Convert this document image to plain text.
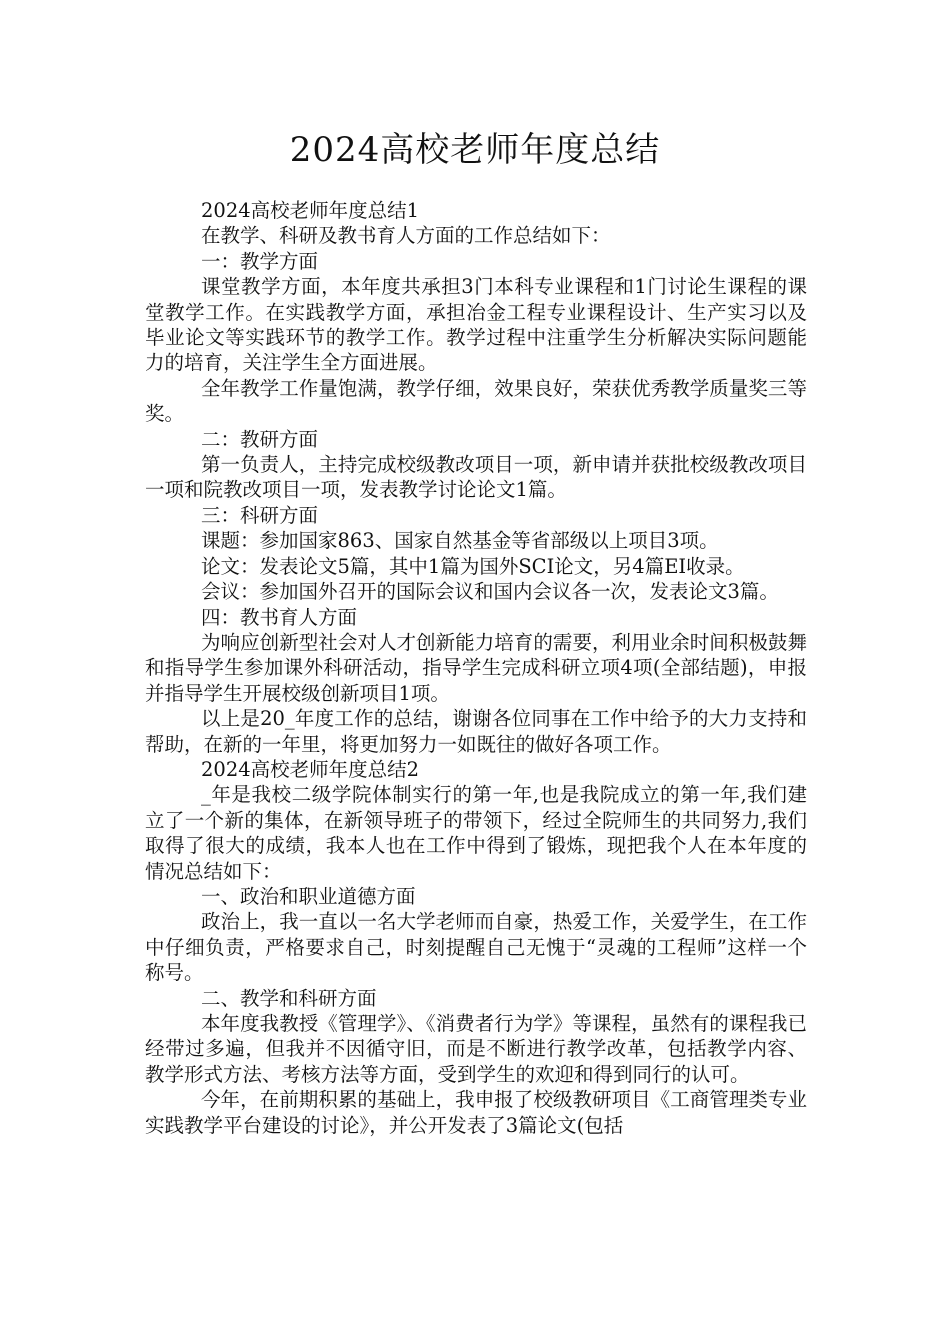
2024高校老师年度总结

2024高校老师年度总结1

在教学、科研及教书育人方面的工作总结如下：

一：教学方面

课堂教学方面，本年度共承担3门本科专业课程和1门讨论生课程的课堂教学工作。在实践教学方面，承担冶金工程专业课程设计、生产实习以及毕业论文等实践环节的教学工作。教学过程中注重学生分析解决实际问题能力的培育，关注学生全方面进展。

全年教学工作量饱满，教学仔细，效果良好，荣获优秀教学质量奖三等奖。

二：教研方面

第一负责人，主持完成校级教改项目一项，新申请并获批校级教改项目一项和院教改项目一项，发表教学讨论论文1篇。

三：科研方面

课题：参加国家863、国家自然基金等省部级以上项目3项。

论文：发表论文5篇，其中1篇为国外SCI论文，另4篇EI收录。

会议：参加国外召开的国际会议和国内会议各一次，发表论文3篇。

四：教书育人方面

为响应创新型社会对人才创新能力培育的需要，利用业余时间积极鼓舞和指导学生参加课外科研活动，指导学生完成科研立项4项(全部结题)，申报并指导学生开展校级创新项目1项。

以上是20_年度工作的总结，谢谢各位同事在工作中给予的大力支持和帮助，在新的一年里，将更加努力一如既往的做好各项工作。

2024高校老师年度总结2

_年是我校二级学院体制实行的第一年,也是我院成立的第一年,我们建立了一个新的集体，在新领导班子的带领下，经过全院师生的共同努力,我们取得了很大的成绩，我本人也在工作中得到了锻炼，现把我个人在本年度的情况总结如下：

一、政治和职业道德方面

政治上，我一直以一名大学老师而自豪，热爱工作，关爱学生，在工作中仔细负责，严格要求自己，时刻提醒自己无愧于“灵魂的工程师”这样一个称号。

二、教学和科研方面

本年度我教授《管理学》、《消费者行为学》等课程，虽然有的课程我已经带过多遍，但我并不因循守旧，而是不断进行教学改革，包括教学内容、教学形式方法、考核方法等方面，受到学生的欢迎和得到同行的认可。

今年，在前期积累的基础上，我申报了校级教研项目《工商管理类专业实践教学平台建设的讨论》，并公开发表了3篇论文(包括
